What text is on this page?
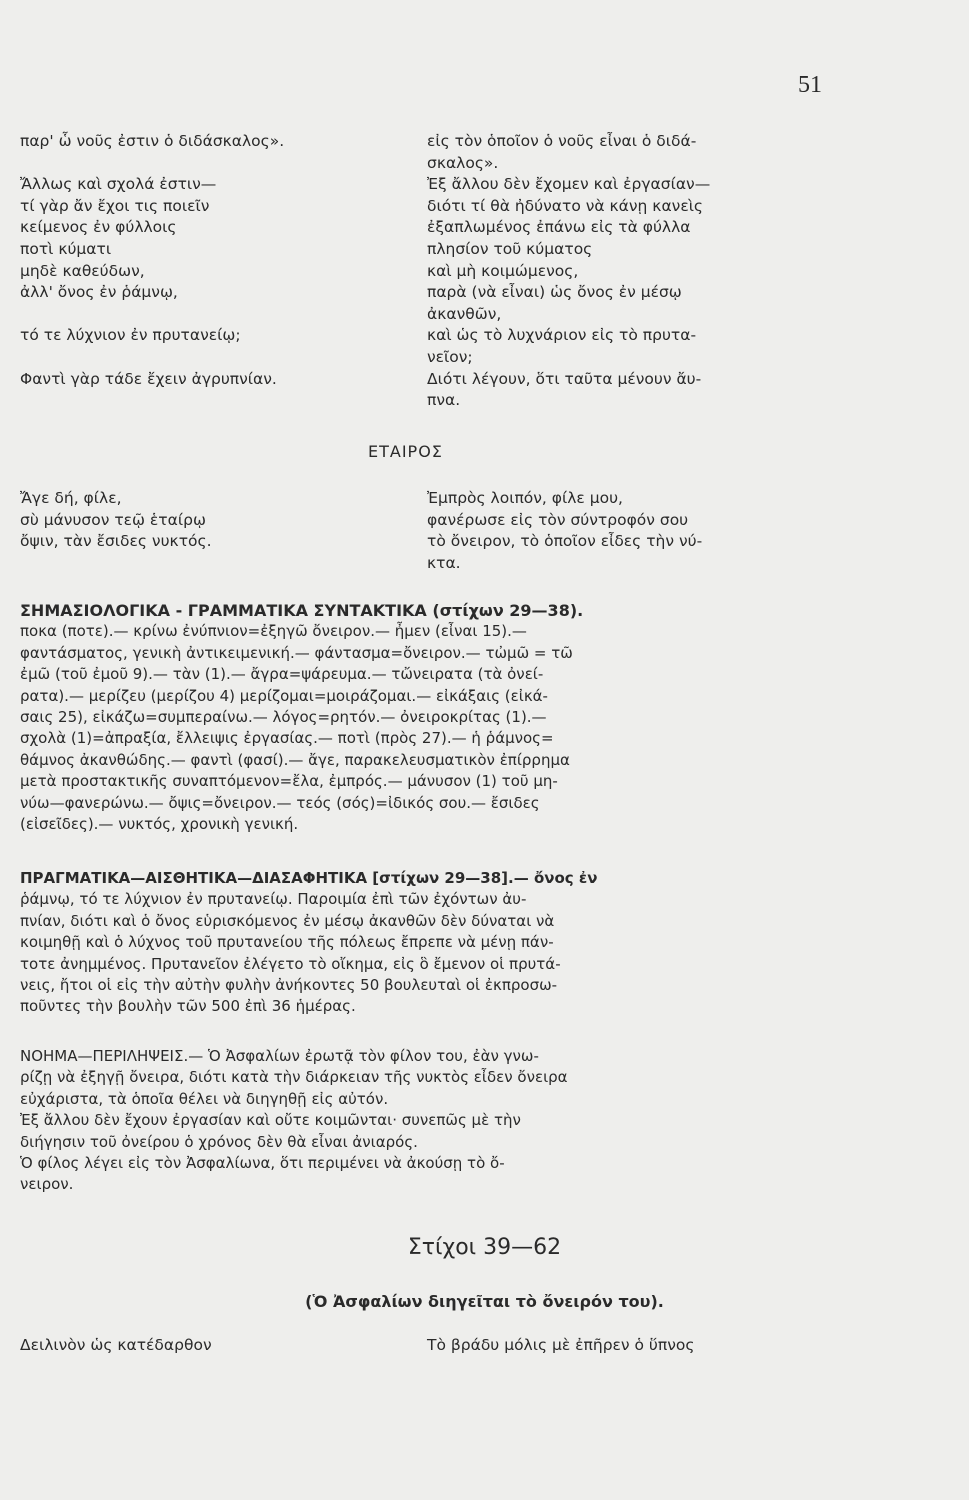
51
παρ' ὧ νοῦς ἐστιν ὁ διδάσκαλος».
Ἄλλως καὶ σχολά ἐστιν—
τί γὰρ ἄν ἔχοι τις ποιεῖν
κείμενος ἐν φύλλοις
ποτὶ κύματι
μηδὲ καθεύδων,
ἀλλ' ὄνος ἐν ῥάμνῳ,
τό τε λύχνιον ἐν πρυτανείῳ;
Φαντὶ γὰρ τάδε ἔχειν ἀγρυπνίαν.
εἰς τὸν ὁποῖον ὁ νοῦς εἶναι ὁ διδά-
σκαλος».
Ἐξ ἄλλου δὲν ἔχομεν καὶ ἐργασίαν—
διότι τί θὰ ἠδύνατο νὰ κάνῃ κανεὶς
ἐξαπλωμένος ἐπάνω εἰς τὰ φύλλα
πλησίον τοῦ κύματος
καὶ μὴ κοιμώμενος,
παρὰ (νὰ εἶναι) ὡς ὄνος ἐν μέσῳ
ἀκανθῶν,
καὶ ὡς τὸ λυχνάριον εἰς τὸ πρυτα-
νεῖον;
Διότι λέγουν, ὅτι ταῦτα μένουν ἄυ-
πνα.
ΕΤΑΙΡΟΣ
Ἄγε δή, φίλε,
σὺ μάνυσον τεῷ ἑταίρῳ
ὄψιν, τὰν ἔσιδες νυκτός.
Ἐμπρὸς λοιπόν, φίλε μου,
φανέρωσε εἰς τὸν σύντροφόν σου
τὸ ὄνειρον, τὸ ὁποῖον εἶδες τὴν νύ-
κτα.
ΣΗΜΑΣΙΟΛΟΓΙΚΑ - ΓΡΑΜΜΑΤΙΚΑ ΣΥΝΤΑΚΤΙΚΑ (στίχων 29—38).
ποκα (ποτε).— κρίνω ἐνύπνιον=ἐξηγῶ ὄνειρον.— ἦμεν (εἶναι 15).—
φαντάσματος, γενικὴ ἀντικειμενική.— φάντασμα=ὄνειρον.— τὠμῶ = τῶ
ἐμῶ (τοῦ ἐμοῦ 9).— τὰν (1).— ἄγρα=ψάρευμα.— τὤνειρατα (τὰ ὀνεί-
ρατα).— μερίζευ (μερίζου 4) μερίζομαι=μοιράζομαι.— εἰκάξαις (εἰκά-
σαις 25), εἰκάζω=συμπεραίνω.— λόγος=ρητόν.— ὀνειροκρίτας (1).—
σχολὰ (1)=ἀπραξία, ἔλλειψις ἐργασίας.— ποτὶ (πρὸς 27).— ἡ ῥάμνος=
θάμνος ἀκανθώδης.— φαντὶ (φασί).— ἄγε, παρακελευσματικὸν ἐπίρρημα
μετὰ προστακτικῆς συναπτόμενον=ἔλα, ἐμπρός.— μάνυσον (1) τοῦ μη-
νύω—φανερώνω.— ὄψις=ὄνειρον.— τεός (σός)=ἰδικός σου.— ἔσιδες
(εἰσεῖδες).— νυκτός, χρονικὴ γενική.
ΠΡΑΓΜΑΤΙΚΑ—ΑΙΣΘΗΤΙΚΑ—ΔΙΑΣΑΦΗΤΙΚΑ [στίχων 29—38].— ὄνος ἐν
ῥάμνῳ, τό τε λύχνιον ἐν πρυτανείῳ. Παροιμία ἐπὶ τῶν ἐχόντων ἀυ-
πνίαν, διότι καὶ ὁ ὄνος εὑρισκόμενος ἐν μέσῳ ἀκανθῶν δὲν δύναται νὰ
κοιμηθῇ καὶ ὁ λύχνος τοῦ πρυτανείου τῆς πόλεως ἔπρεπε νὰ μένῃ πάν-
τοτε ἀνημμένος. Πρυτανεῖον ἐλέγετο τὸ οἴκημα, εἰς ὃ ἔμενον οἱ πρυτά-
νεις, ἤτοι οἱ εἰς τὴν αὐτὴν φυλὴν ἀνήκοντες 50 βουλευταὶ οἱ ἐκπροσω-
ποῦντες τὴν βουλὴν τῶν 500 ἐπὶ 36 ἡμέρας.
ΝΟΗΜΑ—ΠΕΡΙΛΗΨΕΙΣ.— Ὁ Ἀσφαλίων ἐρωτᾷ τὸν φίλον του, ἐὰν γνω-
ρίζῃ νὰ ἐξηγῇ ὄνειρα, διότι κατὰ τὴν διάρκειαν τῆς νυκτὸς εἶδεν ὄνειρα
εὐχάριστα, τὰ ὁποῖα θέλει νὰ διηγηθῇ εἰς αὐτόν.
Ἐξ ἄλλου δὲν ἔχουν ἐργασίαν καὶ οὔτε κοιμῶνται· συνεπῶς μὲ τὴν
διήγησιν τοῦ ὀνείρου ὁ χρόνος δὲν θὰ εἶναι ἀνιαρός.
Ὁ φίλος λέγει εἰς τὸν Ἀσφαλίωνα, ὅτι περιμένει νὰ ἀκούσῃ τὸ ὄ-
νειρον.
Στίχοι 39—62
(Ὁ Ἀσφαλίων διηγεῖται τὸ ὄνειρόν του).
Δειλινὸν ὡς κατέδαρθον	Τὸ βράδυ μόλις μὲ ἐπῆρεν ὁ ὕπνος
